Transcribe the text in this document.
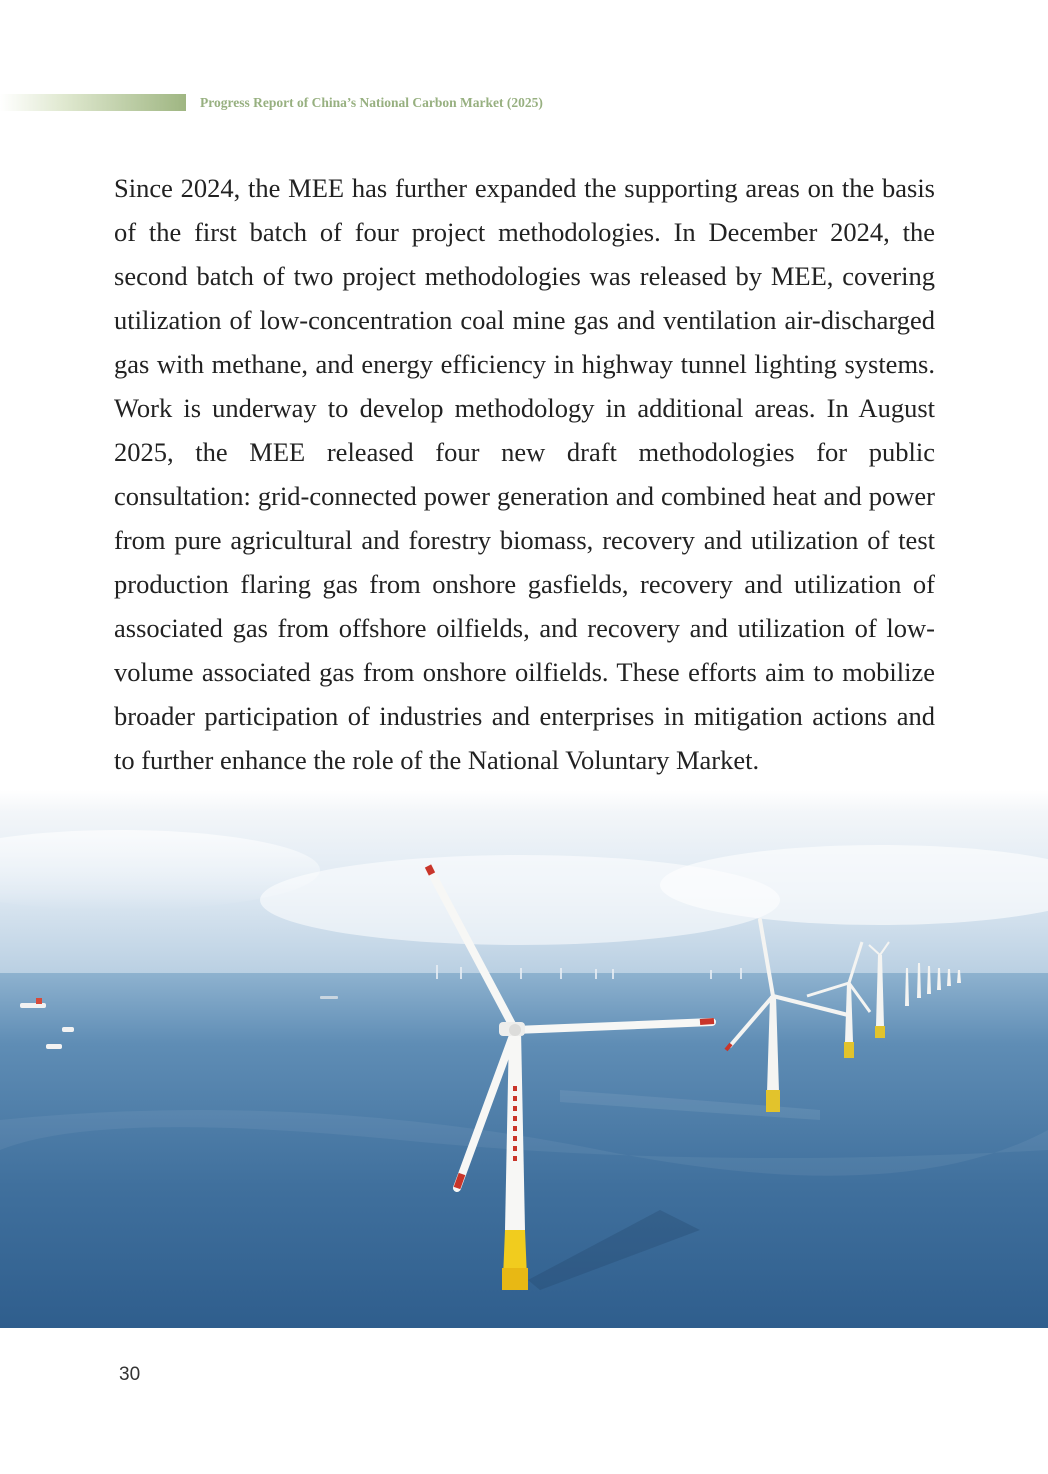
Progress Report of China’s National Carbon Market (2025)

Since 2024, the MEE has further expanded the supporting areas on the basis of the first batch of four project methodologies. In December 2024, the second batch of two project methodologies was released by MEE, covering utilization of low-concentration coal mine gas and ventilation air-discharged gas with methane, and energy efficiency in highway tunnel lighting systems. Work is underway to develop methodology in additional areas. In August 2025, the MEE released four new draft methodologies for public consultation: grid-connected power generation and combined heat and power from pure agricultural and forestry biomass, recovery and utilization of test production flaring gas from onshore gasfields, recovery and utilization of associated gas from offshore oilfields, and recovery and utilization of low-volume associated gas from onshore oilfields. These efforts aim to mobilize broader participation of industries and enterprises in mitigation actions and to further enhance the role of the National Voluntary Market.

30
